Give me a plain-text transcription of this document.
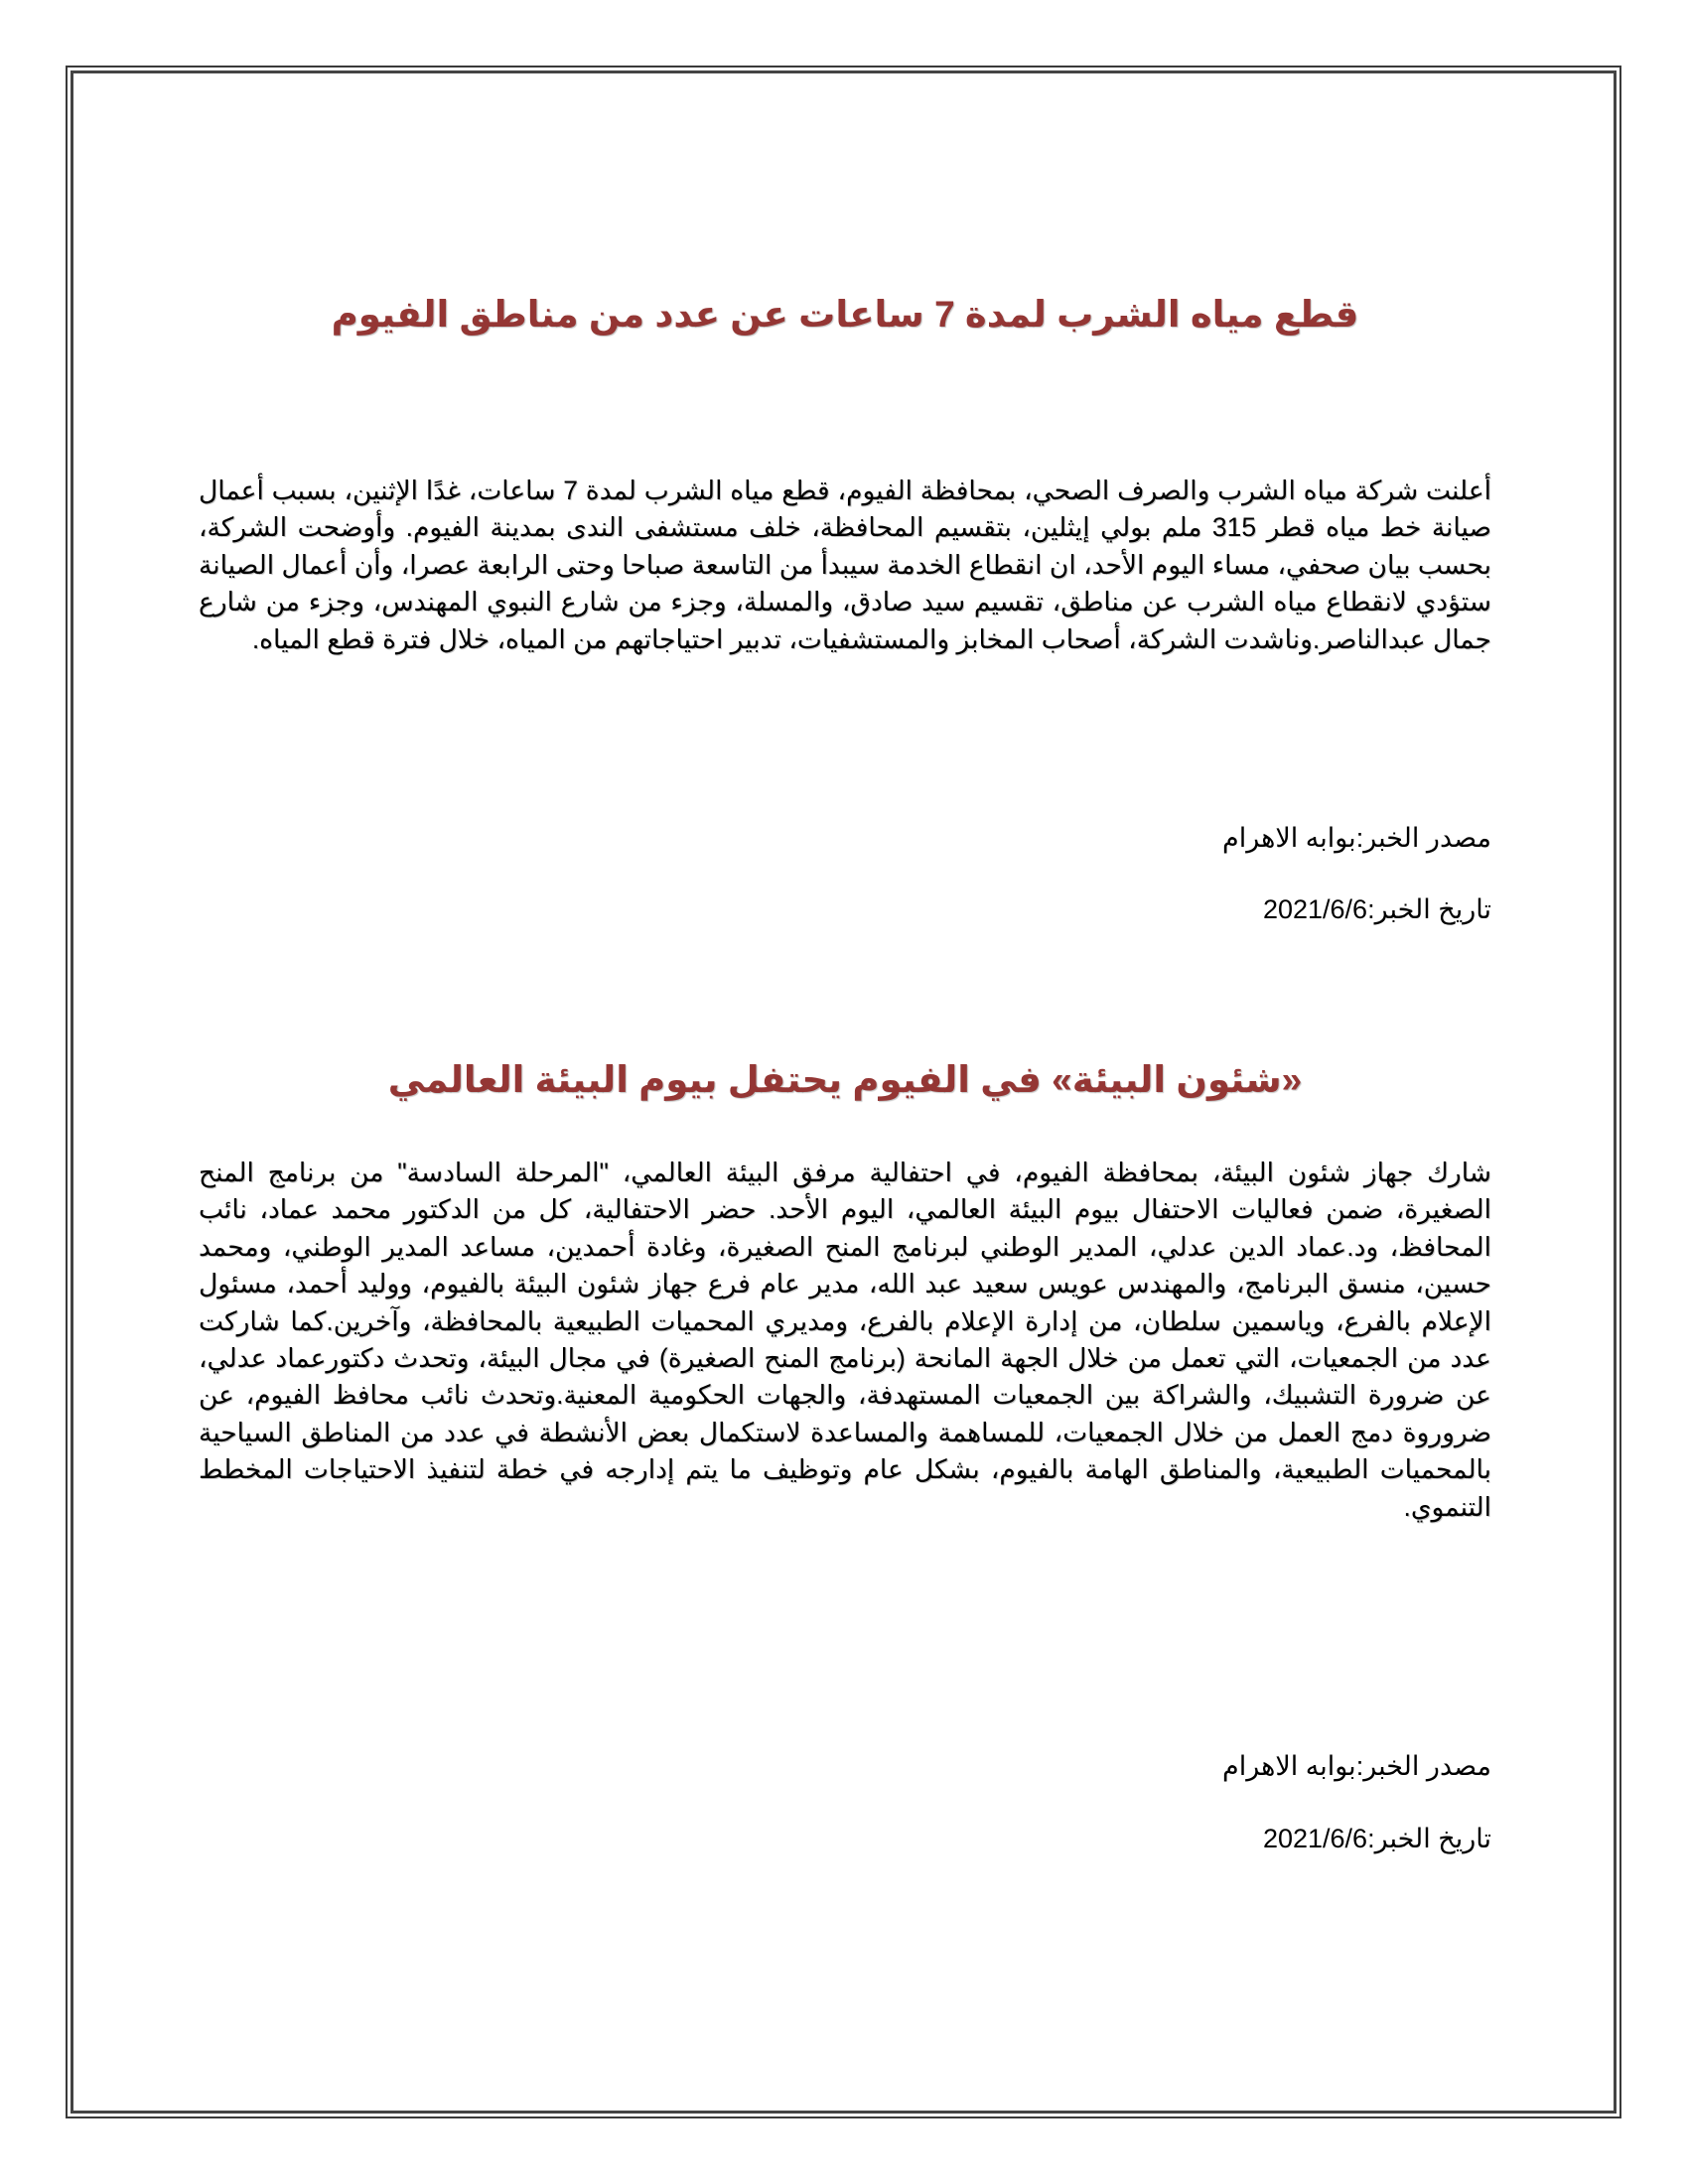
قطع مياه الشرب لمدة 7 ساعات عن عدد من مناطق الفيوم

أعلنت شركة مياه الشرب والصرف الصحي، بمحافظة الفيوم، قطع مياه الشرب لمدة 7 ساعات، غدًا الإثنين، بسبب أعمال صيانة خط مياه قطر 315 ملم بولي إيثلين، بتقسيم المحافظة، خلف مستشفى الندى بمدينة الفيوم. وأوضحت الشركة، بحسب بيان صحفي، مساء اليوم الأحد، ان انقطاع الخدمة سيبدأ من التاسعة صباحا وحتى الرابعة عصرا، وأن أعمال الصيانة ستؤدي لانقطاع مياه الشرب عن مناطق، تقسيم سيد صادق، والمسلة، وجزء من شارع النبوي المهندس، وجزء من شارع جمال عبدالناصر.وناشدت الشركة، أصحاب المخابز والمستشفيات، تدبير احتياجاتهم من المياه، خلال فترة قطع المياه.

مصدر الخبر:بوابه الاهرام

تاريخ الخبر:2021/6/6

«شئون البيئة» في الفيوم يحتفل بيوم البيئة العالمي

شارك جهاز شئون البيئة، بمحافظة الفيوم، في احتفالية مرفق البيئة العالمي، "المرحلة السادسة" من برنامج المنح الصغيرة، ضمن فعاليات الاحتفال بيوم البيئة العالمي، اليوم الأحد. حضر الاحتفالية، كل من الدكتور محمد عماد، نائب المحافظ، ود.عماد الدين عدلي، المدير الوطني لبرنامج المنح الصغيرة، وغادة أحمدين، مساعد المدير الوطني، ومحمد حسين، منسق البرنامج، والمهندس عويس سعيد عبد الله، مدير عام فرع جهاز شئون البيئة بالفيوم، ووليد أحمد، مسئول الإعلام بالفرع، وياسمين سلطان، من إدارة الإعلام بالفرع، ومديري المحميات الطبيعية بالمحافظة، وآخرين.كما شاركت عدد من الجمعيات، التي تعمل من خلال الجهة المانحة (برنامج المنح الصغيرة) في مجال البيئة، وتحدث دكتورعماد عدلي، عن ضرورة التشبيك، والشراكة بين الجمعيات المستهدفة، والجهات الحكومية المعنية.وتحدث نائب محافظ الفيوم، عن ضروروة دمج العمل من خلال الجمعيات، للمساهمة والمساعدة لاستكمال بعض الأنشطة في عدد من المناطق السياحية بالمحميات الطبيعية، والمناطق الهامة بالفيوم، بشكل عام وتوظيف ما يتم إدارجه في خطة لتنفيذ الاحتياجات المخطط التنموي.

مصدر الخبر:بوابه الاهرام

تاريخ الخبر:2021/6/6
